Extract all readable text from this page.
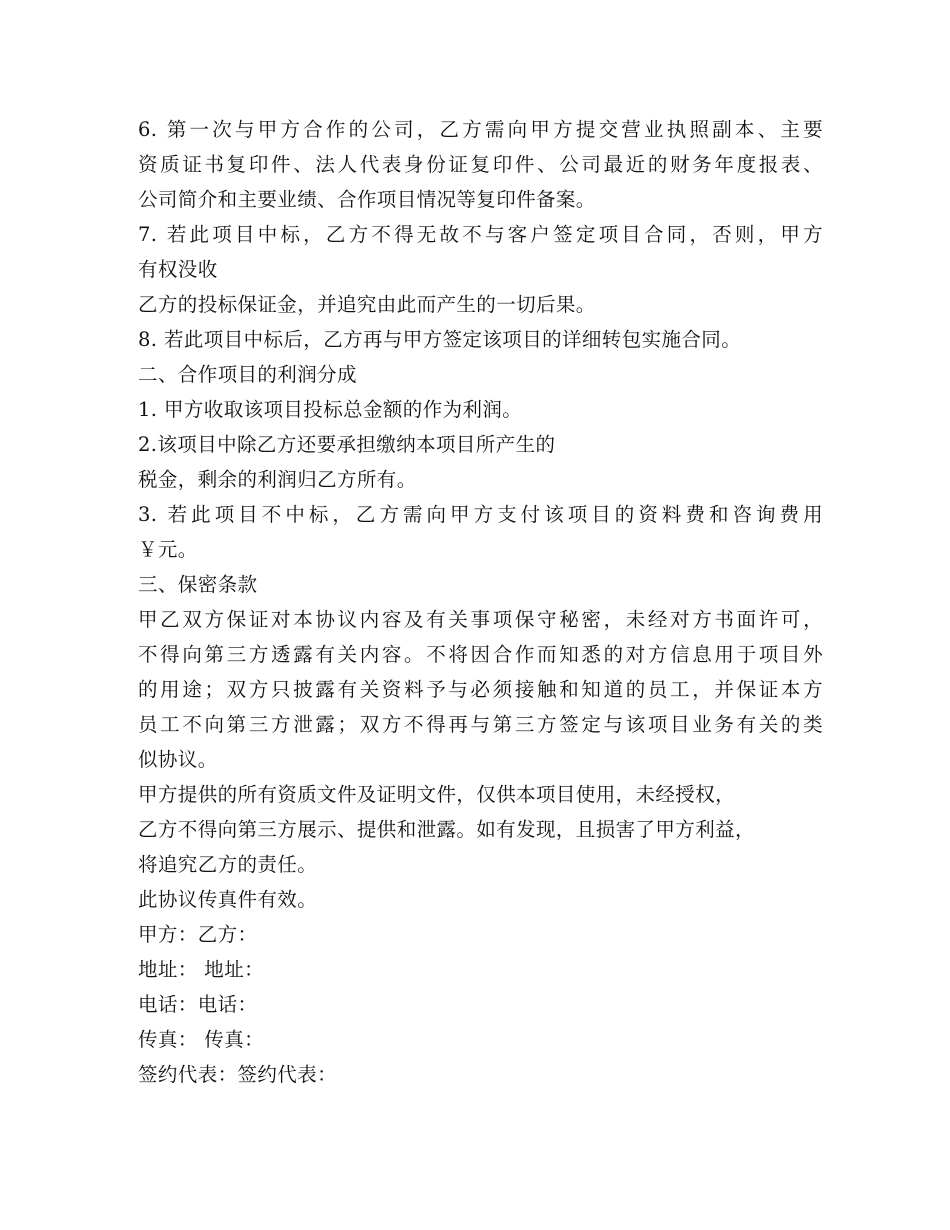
6. 第一次与甲方合作的公司，乙方需向甲方提交营业执照副本、主要
资质证书复印件、法人代表身份证复印件、公司最近的财务年度报表、
公司简介和主要业绩、合作项目情况等复印件备案。
7. 若此项目中标，乙方不得无故不与客户签定项目合同，否则，甲方
有权没收
乙方的投标保证金，并追究由此而产生的一切后果。
8. 若此项目中标后，乙方再与甲方签定该项目的详细转包实施合同。
二、合作项目的利润分成
1. 甲方收取该项目投标总金额的作为利润。
2.该项目中除乙方还要承担缴纳本项目所产生的
税金，剩余的利润归乙方所有。
3. 若此项目不中标，乙方需向甲方支付该项目的资料费和咨询费用
￥元。
三、保密条款
甲乙双方保证对本协议内容及有关事项保守秘密，未经对方书面许可，
不得向第三方透露有关内容。不将因合作而知悉的对方信息用于项目外
的用途；双方只披露有关资料予与必须接触和知道的员工，并保证本方
员工不向第三方泄露；双方不得再与第三方签定与该项目业务有关的类
似协议。
甲方提供的所有资质文件及证明文件，仅供本项目使用，未经授权，
乙方不得向第三方展示、提供和泄露。如有发现，且损害了甲方利益，
将追究乙方的责任。
此协议传真件有效。
甲方：乙方：
地址： 地址：
电话：电话：
传真： 传真：
签约代表：签约代表：
